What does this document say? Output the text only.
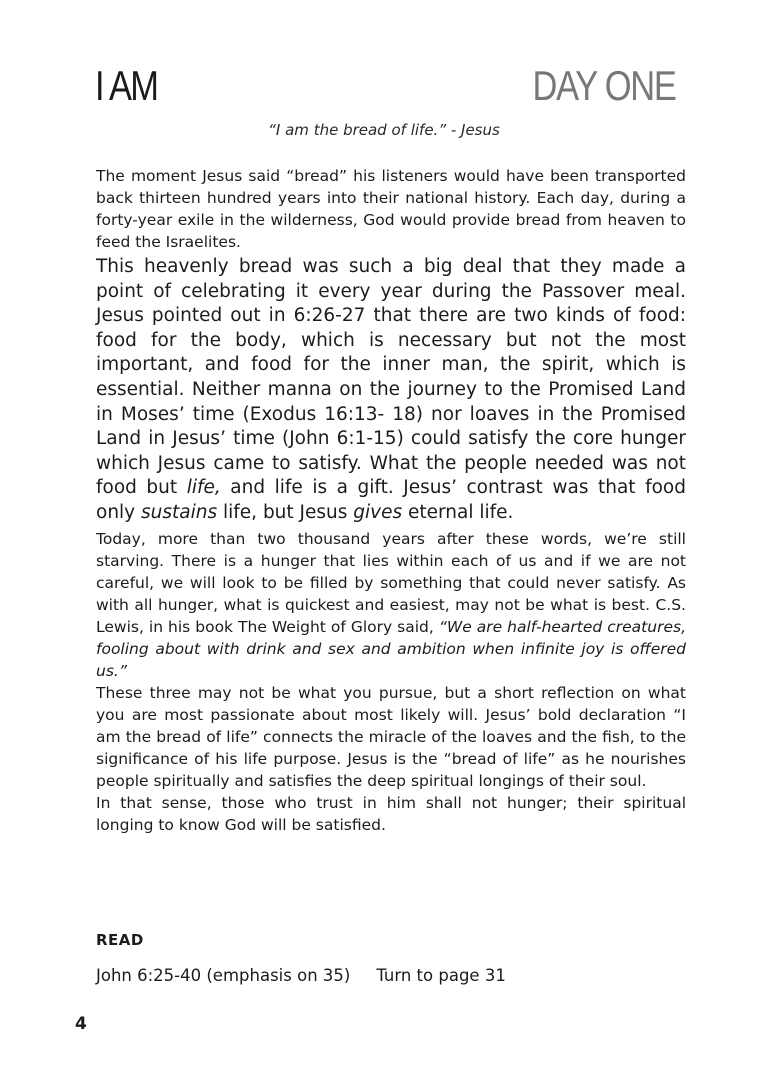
I AM	DAY ONE
“I am the bread of life.” - Jesus

The moment Jesus said “bread” his listeners would have been transported back thirteen hundred years into their national history. Each day, during a forty-year exile in the wilderness, God would provide bread from heaven to feed the Israelites.

This heavenly bread was such a big deal that they made a point of celebrating it every year during the Passover meal. Jesus pointed out in 6:26-27 that there are two kinds of food: food for the body, which is necessary but not the most important, and food for the inner man, the spirit, which is essential. Neither manna on the journey to the Promised Land in Moses’ time (Exodus 16:13- 18) nor loaves in the Promised Land in Jesus’ time (John 6:1-15) could satisfy the core hunger which Jesus came to satisfy. What the people needed was not food but life, and life is a gift. Jesus’ contrast was that food only sustains life, but Jesus gives eternal life.

Today, more than two thousand years after these words, we’re still starving. There is a hunger that lies within each of us and if we are not careful, we will look to be filled by something that could never satisfy. As with all hunger, what is quickest and easiest, may not be what is best. C.S. Lewis, in his book The Weight of Glory said, “We are half-hearted creatures, fooling about with drink and sex and ambition when infinite joy is offered us.”

These three may not be what you pursue, but a short reflection on what you are most passionate about most likely will. Jesus’ bold declaration “I am the bread of life” connects the miracle of the loaves and the fish, to the significance of his life purpose. Jesus is the “bread of life” as he nourishes people spiritually and satisfies the deep spiritual longings of their soul.

In that sense, those who trust in him shall not hunger; their spiritual longing to know God will be satisfied.

READ
John 6:25-40 (emphasis on 35) Turn to page 31
4
